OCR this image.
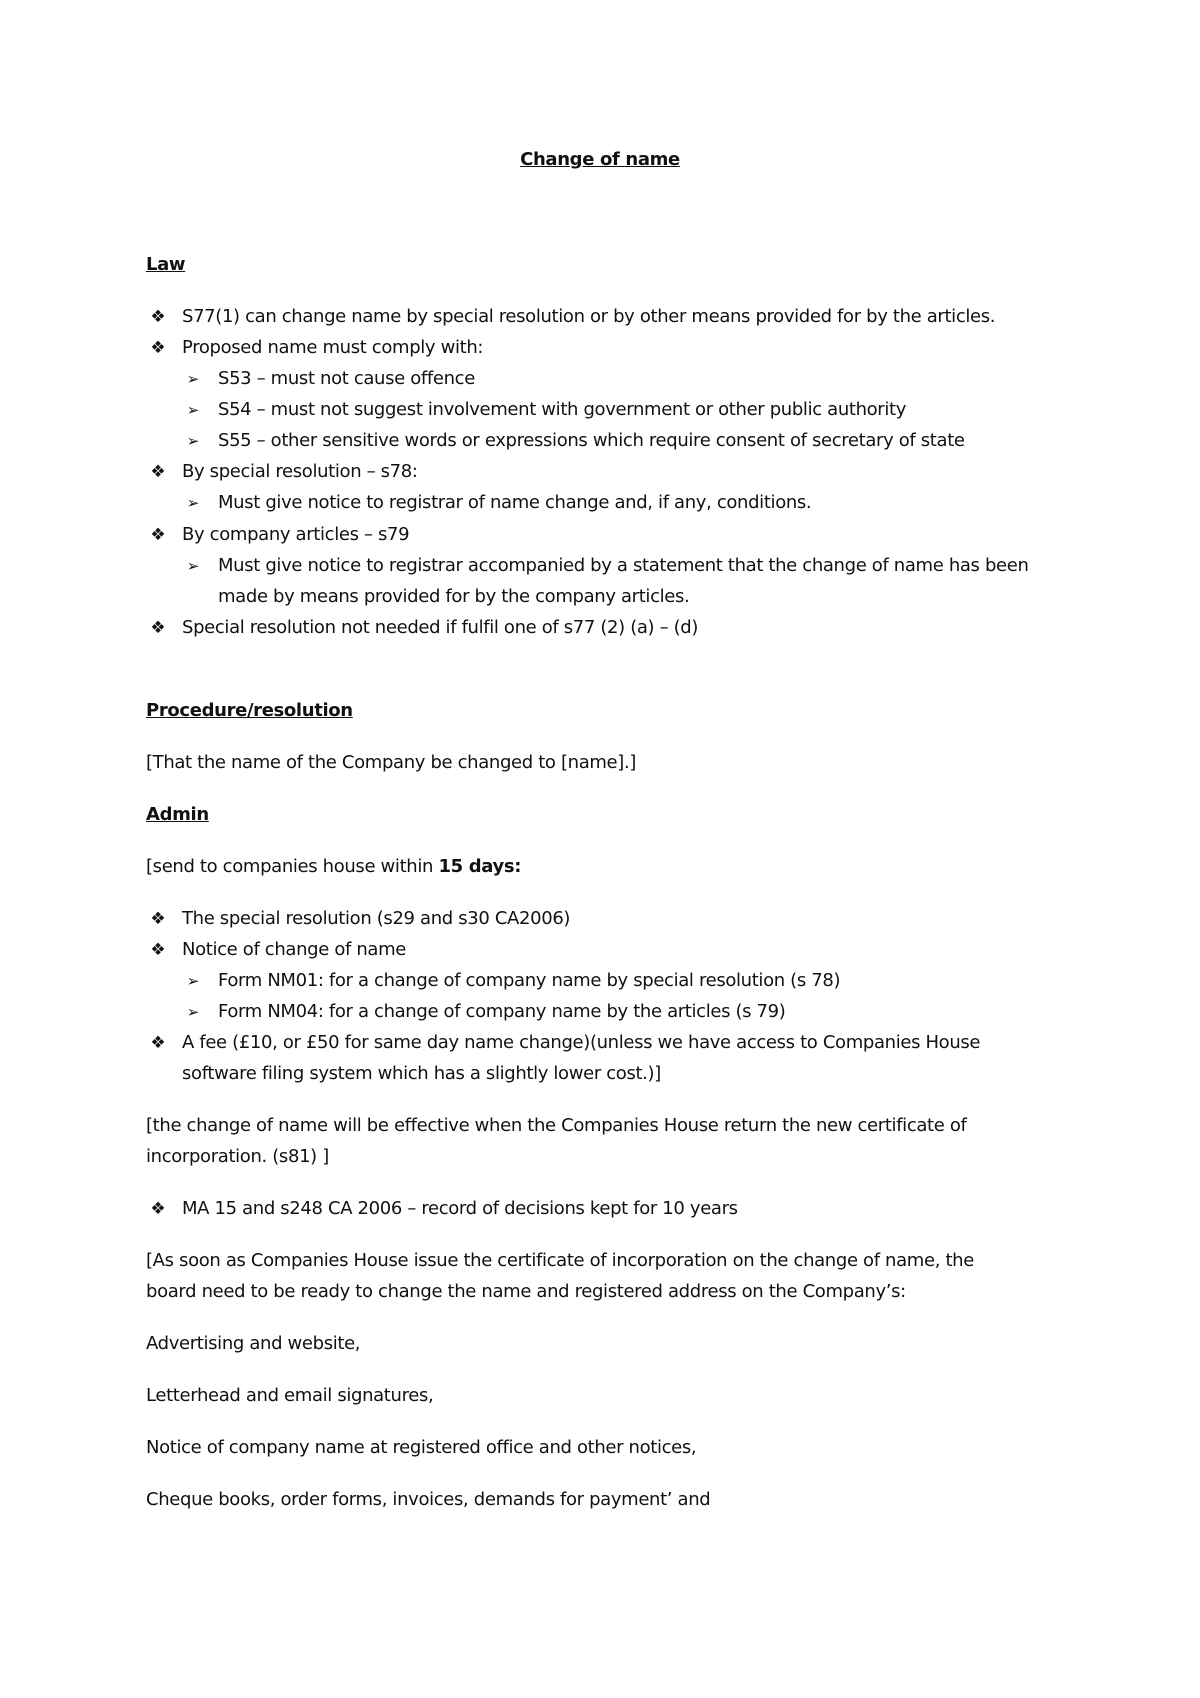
Change of name
Law
❖ S77(1) can change name by special resolution or by other means provided for by the articles.
❖ Proposed name must comply with:
➢ S53 – must not cause offence
➢ S54 – must not suggest involvement with government or other public authority
➢ S55 – other sensitive words or expressions which require consent of secretary of state
❖ By special resolution – s78:
➢ Must give notice to registrar of name change and, if any, conditions.
❖ By company articles – s79
➢ Must give notice to registrar accompanied by a statement that the change of name has been
made by means provided for by the company articles.
❖ Special resolution not needed if fulfil one of s77 (2) (a) – (d)
Procedure/resolution
[That the name of the Company be changed to [name].]
Admin
[send to companies house within 15 days:
❖ The special resolution (s29 and s30 CA2006)
❖ Notice of change of name
➢ Form NM01: for a change of company name by special resolution (s 78)
➢ Form NM04: for a change of company name by the articles (s 79)
❖ A fee (£10, or £50 for same day name change)(unless we have access to Companies House
software filing system which has a slightly lower cost.)]
[the change of name will be effective when the Companies House return the new certificate of
incorporation. (s81) ]
❖ MA 15 and s248 CA 2006 – record of decisions kept for 10 years
[As soon as Companies House issue the certificate of incorporation on the change of name, the
board need to be ready to change the name and registered address on the Company’s:
Advertising and website,
Letterhead and email signatures,
Notice of company name at registered office and other notices,
Cheque books, order forms, invoices, demands for payment’ and
